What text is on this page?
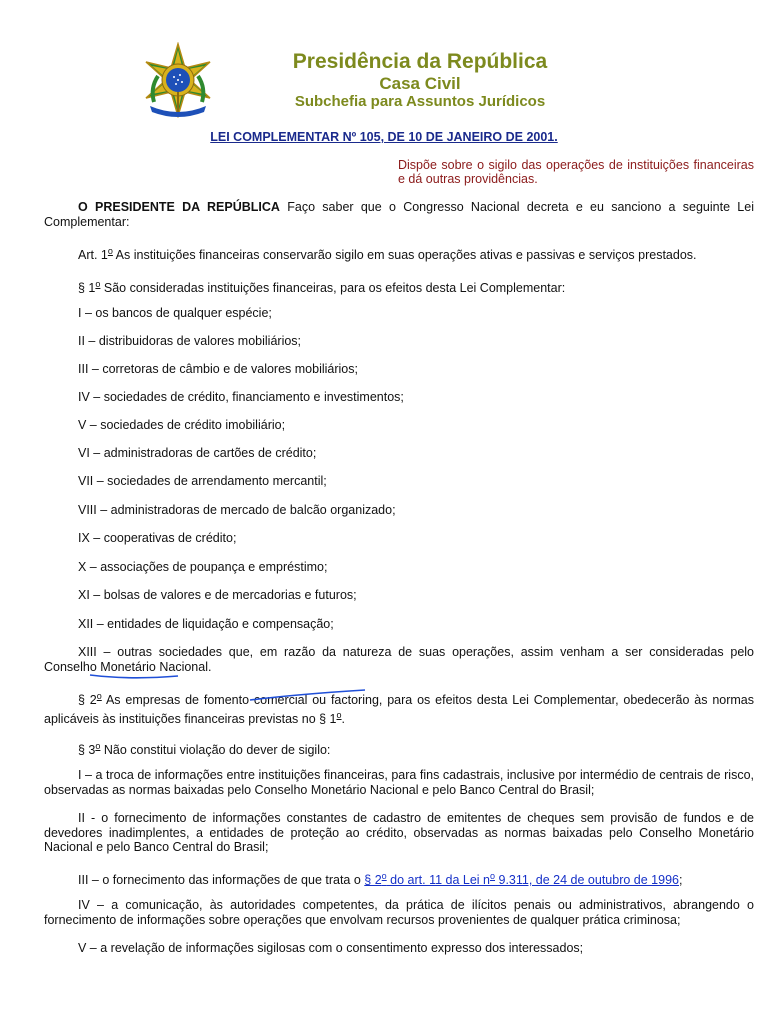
Presidência da República
Casa Civil
Subchefia para Assuntos Jurídicos
LEI COMPLEMENTAR Nº 105, DE 10 DE JANEIRO DE 2001.
Dispõe sobre o sigilo das operações de instituições financeiras e dá outras providências.
O PRESIDENTE DA REPÚBLICA Faço saber que o Congresso Nacional decreta e eu sanciono a seguinte Lei Complementar:
Art. 1$^o$ As instituições financeiras conservarão sigilo em suas operações ativas e passivas e serviços prestados.
§ 1$^o$ São consideradas instituições financeiras, para os efeitos desta Lei Complementar:
I – os bancos de qualquer espécie;
II – distribuidoras de valores mobiliários;
III – corretoras de câmbio e de valores mobiliários;
IV – sociedades de crédito, financiamento e investimentos;
V – sociedades de crédito imobiliário;
VI – administradoras de cartões de crédito;
VII – sociedades de arrendamento mercantil;
VIII – administradoras de mercado de balcão organizado;
IX – cooperativas de crédito;
X – associações de poupança e empréstimo;
XI – bolsas de valores e de mercadorias e futuros;
XII – entidades de liquidação e compensação;
XIII – outras sociedades que, em razão da natureza de suas operações, assim venham a ser consideradas pelo Conselho Monetário Nacional.
§ 2$^o$ As empresas de fomento comercial ou factoring, para os efeitos desta Lei Complementar, obedecerão às normas aplicáveis às instituições financeiras previstas no § 1$^o$.
§ 3$^o$ Não constitui violação do dever de sigilo:
I – a troca de informações entre instituições financeiras, para fins cadastrais, inclusive por intermédio de centrais de risco, observadas as normas baixadas pelo Conselho Monetário Nacional e pelo Banco Central do Brasil;
II - o fornecimento de informações constantes de cadastro de emitentes de cheques sem provisão de fundos e de devedores inadimplentes, a entidades de proteção ao crédito, observadas as normas baixadas pelo Conselho Monetário Nacional e pelo Banco Central do Brasil;
III – o fornecimento das informações de que trata o § 2$^o$ do art. 11 da Lei $n^o$ 9.311, de 24 de outubro de 1996;
IV – a comunicação, às autoridades competentes, da prática de ilícitos penais ou administrativos, abrangendo o fornecimento de informações sobre operações que envolvam recursos provenientes de qualquer prática criminosa;
V – a revelação de informações sigilosas com o consentimento expresso dos interessados;
